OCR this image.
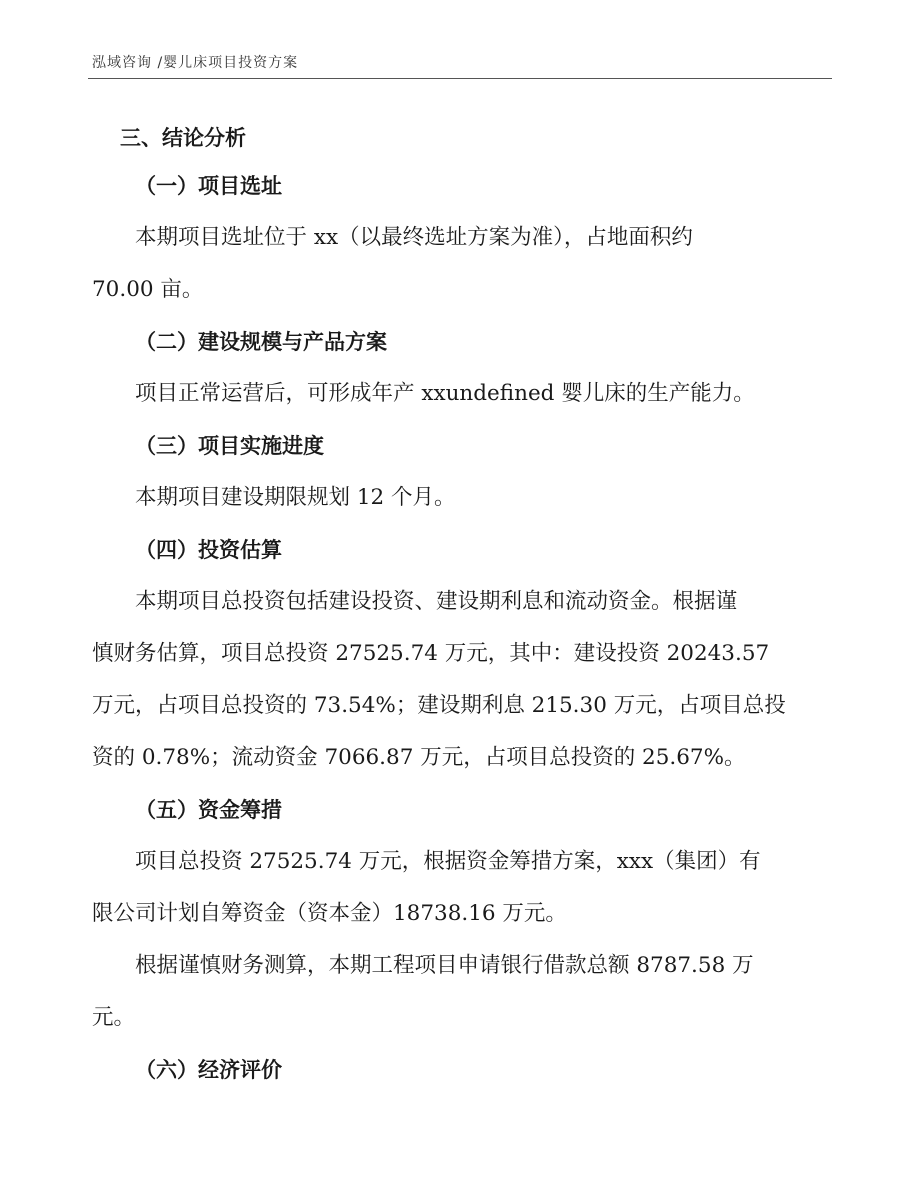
泓域咨询 /婴儿床项目投资方案
三、结论分析
（一）项目选址
本期项目选址位于 xx（以最终选址方案为准），占地面积约
70.00 亩。
（二）建设规模与产品方案
项目正常运营后，可形成年产 xxundefined 婴儿床的生产能力。
（三）项目实施进度
本期项目建设期限规划 12 个月。
（四）投资估算
本期项目总投资包括建设投资、建设期利息和流动资金。根据谨
慎财务估算，项目总投资 27525.74 万元，其中：建设投资 20243.57
万元，占项目总投资的 73.54%；建设期利息 215.30 万元，占项目总投
资的 0.78%；流动资金 7066.87 万元，占项目总投资的 25.67%。
（五）资金筹措
项目总投资 27525.74 万元，根据资金筹措方案，xxx（集团）有
限公司计划自筹资金（资本金）18738.16 万元。
根据谨慎财务测算，本期工程项目申请银行借款总额 8787.58 万
元。
（六）经济评价
